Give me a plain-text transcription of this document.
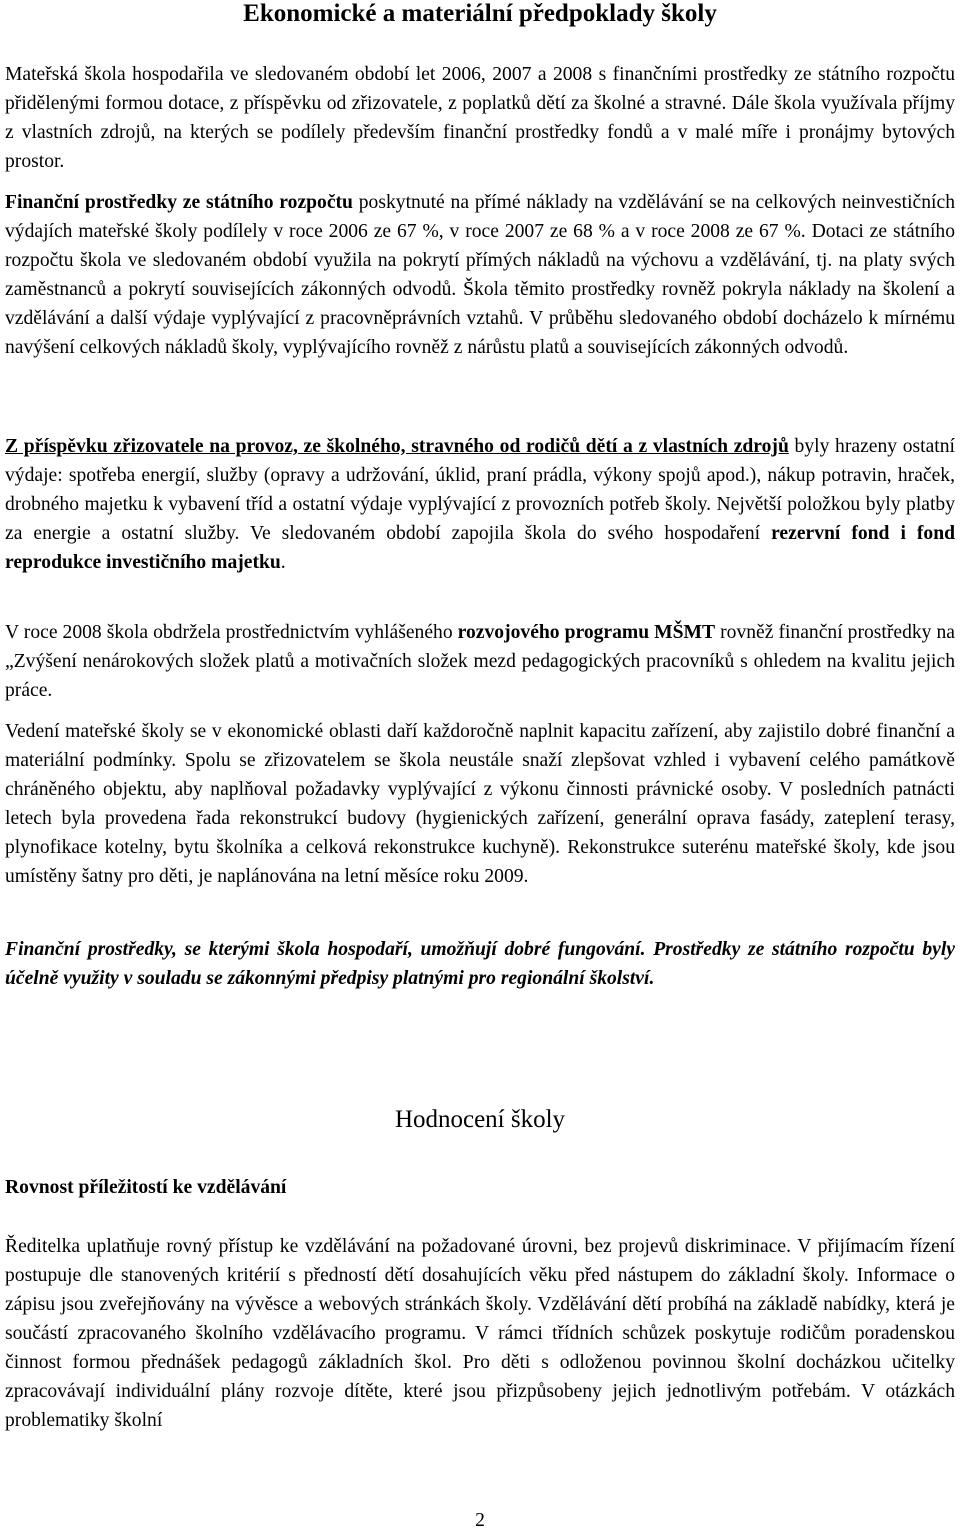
Ekonomické a materiální předpoklady školy

Mateřská škola hospodařila ve sledovaném období let 2006, 2007 a 2008 s finančními prostředky ze státního rozpočtu přidělenými formou dotace, z příspěvku od zřizovatele, z poplatků dětí za školné a stravné. Dále škola využívala příjmy z vlastních zdrojů, na kterých se podílely především finanční prostředky fondů a v malé míře i pronájmy bytových prostor.

Finanční prostředky ze státního rozpočtu poskytnuté na přímé náklady na vzdělávání se na celkových neinvestičních výdajích mateřské školy podílely v roce 2006 ze 67 %, v roce 2007 ze 68 % a v roce 2008 ze 67 %. Dotaci ze státního rozpočtu škola ve sledovaném období využila na pokrytí přímých nákladů na výchovu a vzdělávání, tj. na platy svých zaměstnanců a pokrytí souvisejících zákonných odvodů. Škola těmito prostředky rovněž pokryla náklady na školení a vzdělávání a další výdaje vyplývající z pracovněprávních vztahů. V průběhu sledovaného období docházelo k mírnému navýšení celkových nákladů školy, vyplývajícího rovněž z nárůstu platů a souvisejících zákonných odvodů.

Z příspěvku zřizovatele na provoz, ze školného, stravného od rodičů dětí a z vlastních zdrojů byly hrazeny ostatní výdaje: spotřeba energií, služby (opravy a udržování, úklid, praní prádla, výkony spojů apod.), nákup potravin, hraček, drobného majetku k vybavení tříd a ostatní výdaje vyplývající z provozních potřeb školy. Největší položkou byly platby za energie a ostatní služby. Ve sledovaném období zapojila škola do svého hospodaření rezervní fond i fond reprodukce investičního majetku.

V roce 2008 škola obdržela prostřednictvím vyhlášeného rozvojového programu MŠMT rovněž finanční prostředky na „Zvýšení nenárokových složek platů a motivačních složek mezd pedagogických pracovníků s ohledem na kvalitu jejich práce.

Vedení mateřské školy se v ekonomické oblasti daří každoročně naplnit kapacitu zařízení, aby zajistilo dobré finanční a materiální podmínky. Spolu se zřizovatelem se škola neustále snaží zlepšovat vzhled i vybavení celého památkově chráněného objektu, aby naplňoval požadavky vyplývající z výkonu činnosti právnické osoby. V posledních patnácti letech byla provedena řada rekonstrukcí budovy (hygienických zařízení, generální oprava fasády, zateplení terasy, plynofikace kotelny, bytu školníka a celková rekonstrukce kuchyně). Rekonstrukce suterénu mateřské školy, kde jsou umístěny šatny pro děti, je naplánována na letní měsíce roku 2009.

Finanční prostředky, se kterými škola hospodaří, umožňují dobré fungování. Prostředky ze státního rozpočtu byly účelně využity v souladu se zákonnými předpisy platnými pro regionální školství.

Hodnocení školy
Rovnost příležitostí ke vzdělávání

Ředitelka uplatňuje rovný přístup ke vzdělávání na požadované úrovni, bez projevů diskriminace. V přijímacím řízení postupuje dle stanovených kritérií s předností dětí dosahujících věku před nástupem do základní školy. Informace o zápisu jsou zveřejňovány na vývěsce a webových stránkách školy. Vzdělávání dětí probíhá na základě nabídky, která je součástí zpracovaného školního vzdělávacího programu. V rámci třídních schůzek poskytuje rodičům poradenskou činnost formou přednášek pedagogů základních škol. Pro děti s odloženou povinnou školní docházkou učitelky zpracovávají individuální plány rozvoje dítěte, které jsou přizpůsobeny jejich jednotlivým potřebám. V otázkách problematiky školní

2
